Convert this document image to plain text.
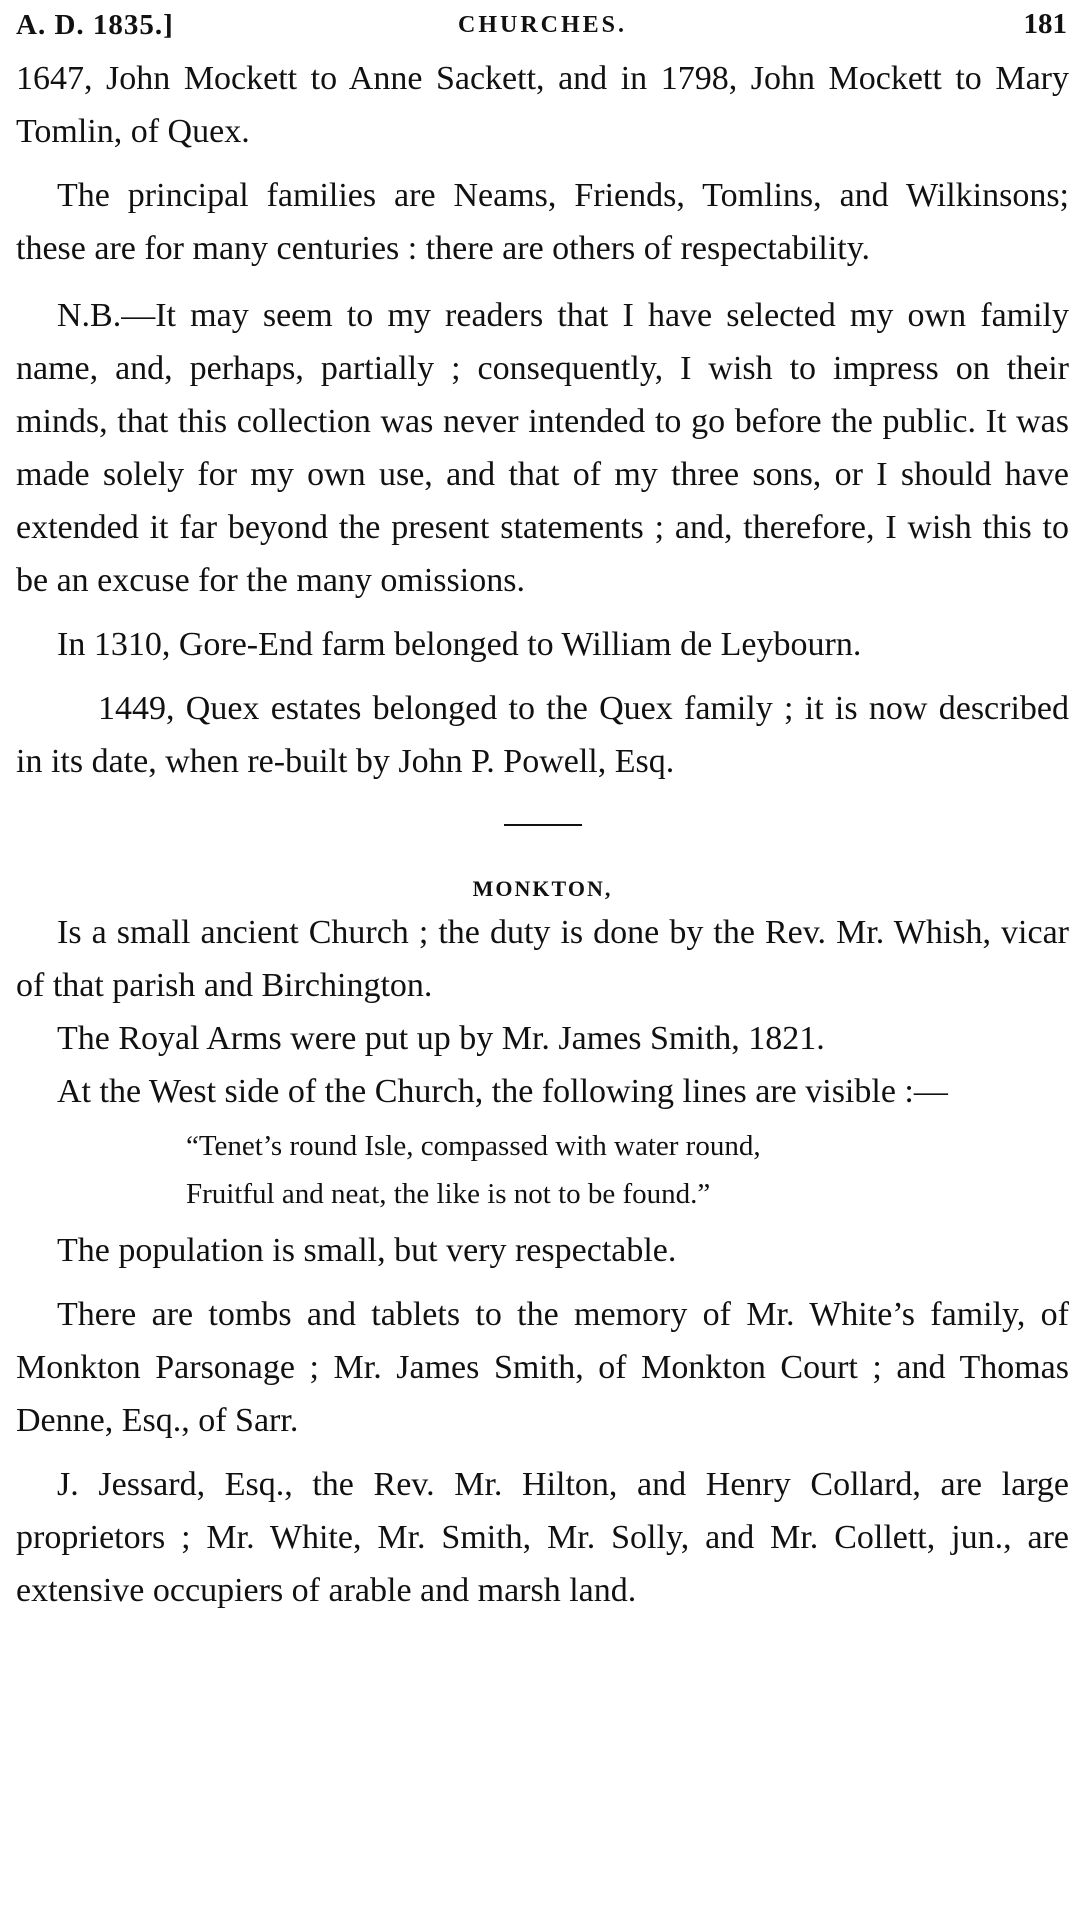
A. D. 1835.]	CHURCHES.	181

1647, John Mockett to Anne Sackett, and in 1798, John Mockett to Mary Tomlin, of Quex.

The principal families are Neams, Friends, Tomlins, and Wilkinsons; these are for many centuries : there are others of respectability.

N.B.—It may seem to my readers that I have selected my own family name, and, perhaps, partially ; consequently, I wish to impress on their minds, that this collection was never intended to go before the public. It was made solely for my own use, and that of my three sons, or I should have extended it far beyond the present statements ; and, therefore, I wish this to be an excuse for the many omissions.

In 1310, Gore-End farm belonged to William de Leybourn.

1449, Quex estates belonged to the Quex family ; it is now described in its date, when re-built by John P. Powell, Esq.

MONKTON,

Is a small ancient Church ; the duty is done by the Rev. Mr. Whish, vicar of that parish and Birchington.

The Royal Arms were put up by Mr. James Smith, 1821.

At the West side of the Church, the following lines are visible :—

“Tenet’s round Isle, compassed with water round,
Fruitful and neat, the like is not to be found.”

The population is small, but very respectable.

There are tombs and tablets to the memory of Mr. White’s family, of Monkton Parsonage ; Mr. James Smith, of Monkton Court ; and Thomas Denne, Esq., of Sarr.

J. Jessard, Esq., the Rev. Mr. Hilton, and Henry Collard, are large proprietors ; Mr. White, Mr. Smith, Mr. Solly, and Mr. Collett, jun., are extensive occupiers of arable and marsh land.
